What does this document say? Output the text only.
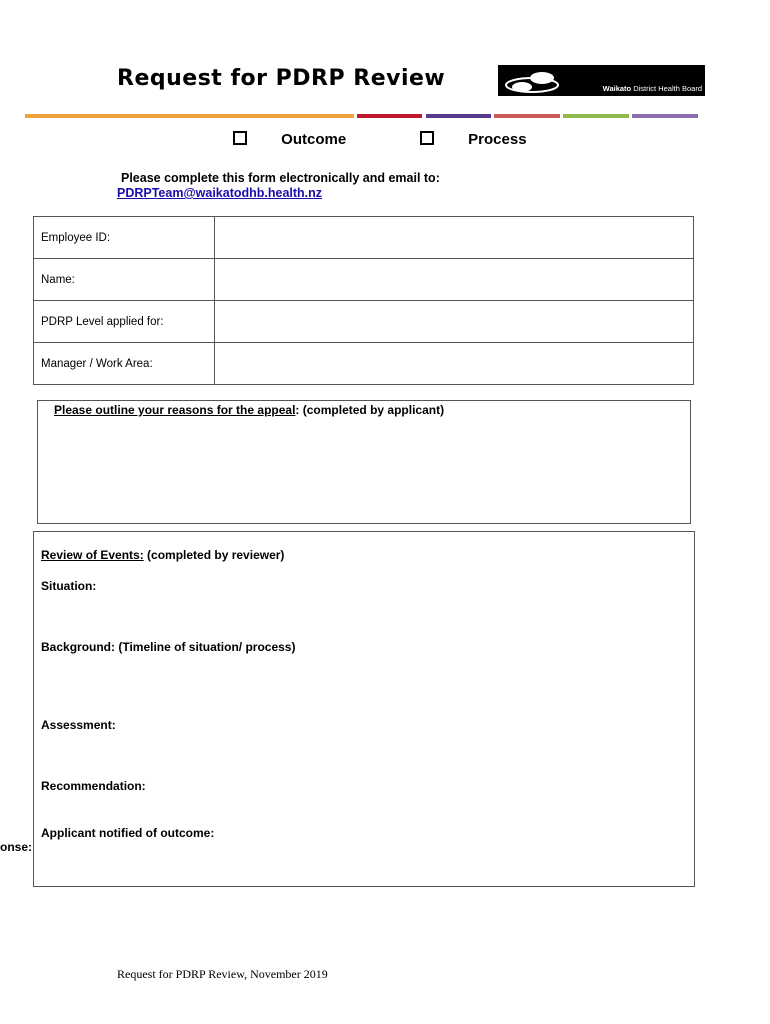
Request for PDRP Review	Waikato District Health Board
Outcome	Process
Please complete this form electronically and email to:
PDRPTeam@waikatodhb.health.nz
Employee ID:	
Name:	
PDRP Level applied for:	
Manager / Work Area:	
Please outline your reasons for the appeal: (completed by applicant)
Review of Events: (completed by reviewer)
Situation:
Background: (Timeline of situation/ process)
Assessment:
Recommendation:
Applicant notified of outcome:
onse:
Request for PDRP Review, November 2019
